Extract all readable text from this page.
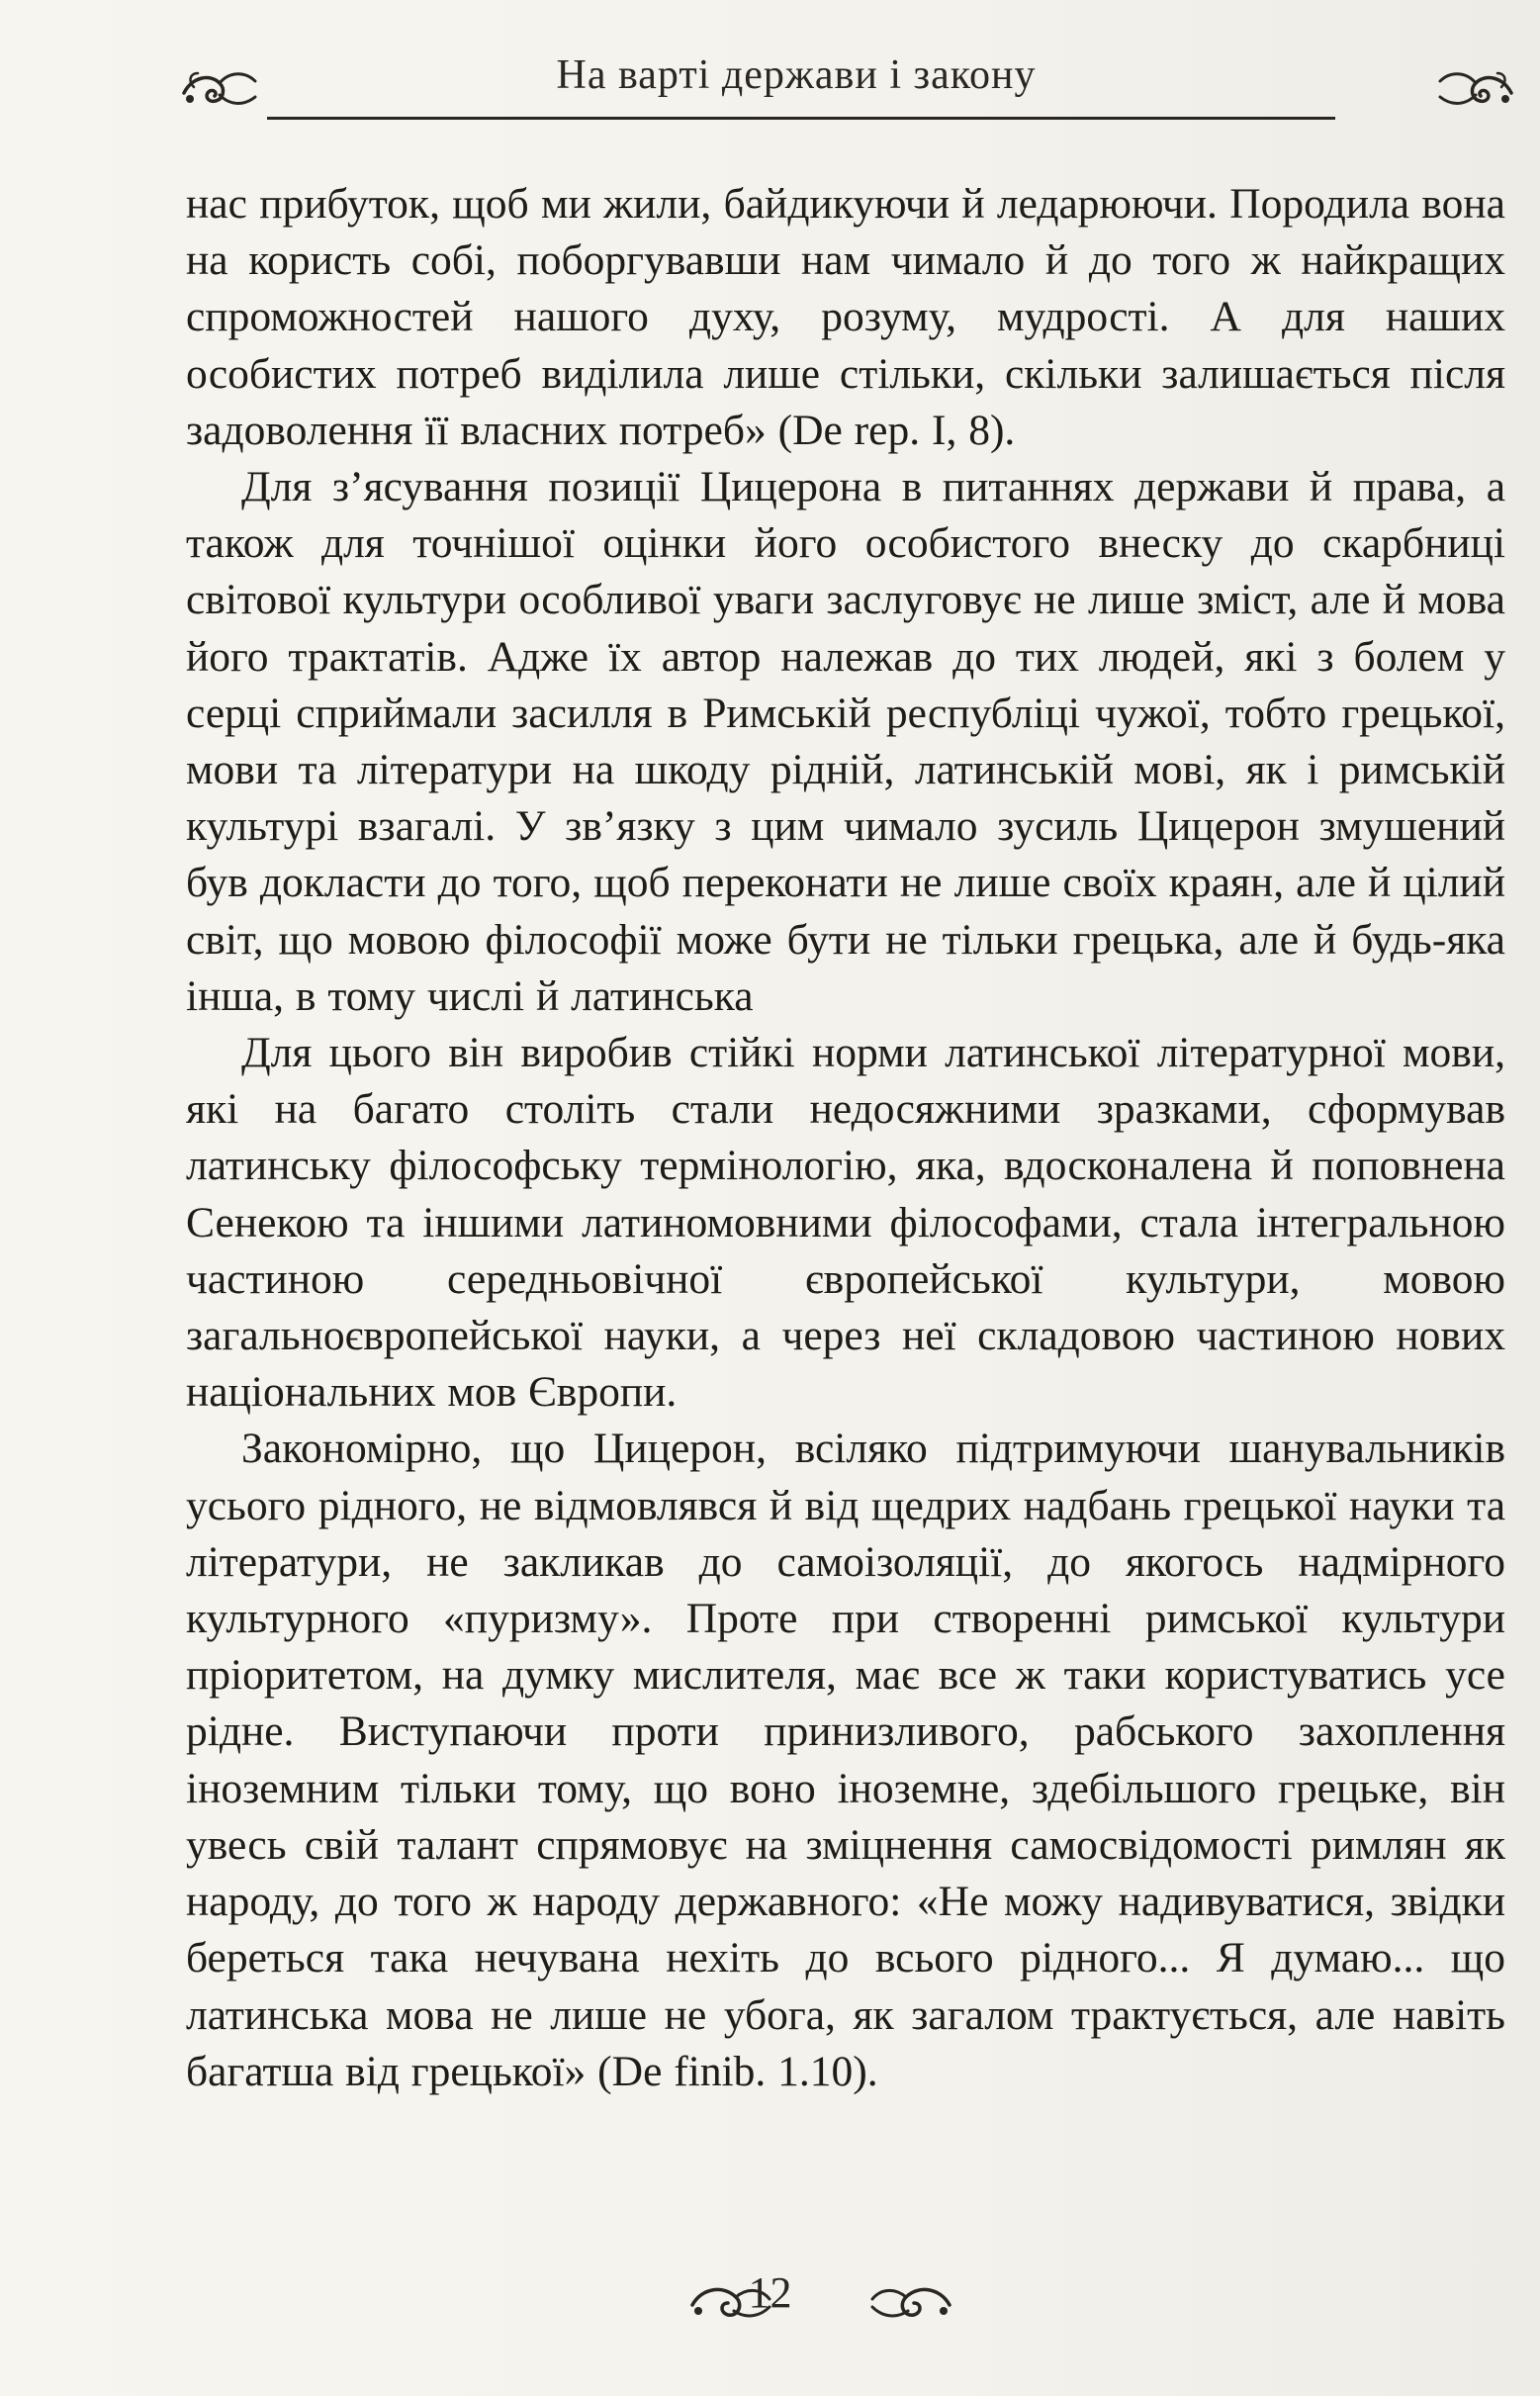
На варті держави і закону

нас прибуток, щоб ми жили, байдикуючи й ледарюючи. Породила вона на користь собі, поборгувавши нам чимало й до того ж найкращих спроможностей нашого духу, розуму, мудрості. А для наших особистих потреб виділила лише стільки, скільки залишається після задоволення її власних потреб» (De rep. I, 8).

Для з’ясування позиції Цицерона в питаннях держави й права, а також для точнішої оцінки його особистого внеску до скарбниці світової культури особливої уваги заслуговує не лише зміст, але й мова його трактатів. Адже їх автор належав до тих людей, які з болем у серці сприймали засилля в Римській республіці чужої, тобто грецької, мови та літератури на шкоду рідній, латинській мові, як і римській культурі взагалі. У зв’язку з цим чимало зусиль Цицерон змушений був докласти до того, щоб переконати не лише своїх краян, але й цілий світ, що мовою філософії може бути не тільки грецька, але й будь-яка інша, в тому числі й латинська

Для цього він виробив стійкі норми латинської літературної мови, які на багато століть стали недосяжними зразками, сформував латинську філософську термінологію, яка, вдосконалена й поповнена Сенекою та іншими латиномовними філософами, стала інтегральною частиною середньовічної європейської культури, мовою загальноєвропейської науки, а через неї складовою частиною нових національних мов Європи.

Закономірно, що Цицерон, всіляко підтримуючи шанувальників усього рідного, не відмовлявся й від щедрих надбань грецької науки та літератури, не закликав до самоізоляції, до якогось надмірного культурного «пуризму». Проте при створенні римської культури пріоритетом, на думку мислителя, має все ж таки користуватись усе рідне. Виступаючи проти принизливого, рабського захоплення іноземним тільки тому, що воно іноземне, здебільшого грецьке, він увесь свій талант спрямовує на зміцнення самосвідомості римлян як народу, до того ж народу державного: «Не можу надивуватися, звідки береться така нечувана нехіть до всього рідного... Я думаю... що латинська мова не лише не убога, як загалом трактується, але навіть багатша від грецької» (De finib. 1.10).

12
